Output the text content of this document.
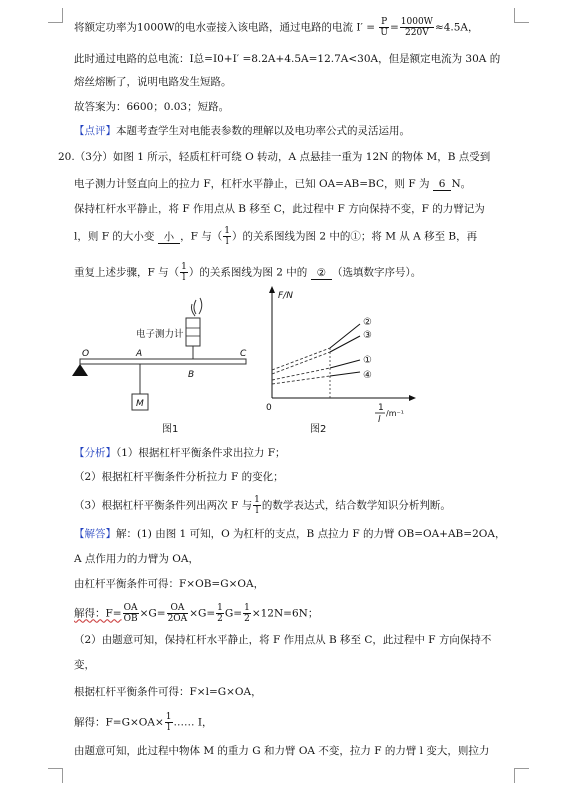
将额定功率为1000W的电水壶接入该电路，通过电路的电流 $I' = \frac{P}{U} = \frac{1000W}{220V} \approx 4.5A$，
此时通过电路的总电流：I总=I0+I′ =8.2A+4.5A=12.7A<30A，但是额定电流为 30A 的
熔丝熔断了，说明电路发生短路。
故答案为：6600；0.03；短路。
【点评】本题考查学生对电能表参数的理解以及电功率公式的灵活运用。
20.（3分）如图 1 所示，轻质杠杆可绕 O 转动，A 点悬挂一重为 12N 的物体 M，B 点受到
电子测力计竖直向上的拉力 F，杠杆水平静止，已知 OA=AB=BC，则 F 为 6 N。
保持杠杆水平静止，将 F 作用点从 B 移至 C，此过程中 F 方向保持不变，F 的力臂记为
l，则 F 的大小变 小 ，F 与（ $\frac{1}{l}$ ）的关系图线为图 2 中的①；将 M 从 A 移至 B，再
重复上述步骤，F 与（ $\frac{1}{l}$ ）的关系图线为图 2 中的 ② （选填数字序号）。
电子测力计
O	A
B
C
M
图1
F/N
0
②
③
①
④
1
l
/m⁻¹
图2
【分析】（1）根据杠杆平衡条件求出拉力 F；
（2）根据杠杆平衡条件分析拉力 F 的变化；
（3）根据杠杆平衡条件列出两次 F 与 $\frac{1}{l}$ 的数学表达式，结合数学知识分析判断。
【解答】解：(1) 由图 1 可知，O 为杠杆的支点，B 点拉力 F 的力臂 OB=OA+AB=2OA，
A 点作用力的力臂为 OA，
由杠杆平衡条件可得：F×OB=G×OA，
解得：$F= \frac{OA}{OB} \times G= \frac{OA}{2OA} \times G= \frac{1}{2} G= \frac{1}{2} \times 12N=6N$；
（2）由题意可知，保持杠杆水平静止，将 F 作用点从 B 移至 C，此过程中 F 方向保持不
变，
根据杠杆平衡条件可得：F×l=G×OA，
解得：$F=G\times OA\times \frac{1}{l}$ …… Ⅰ，
由题意可知，此过程中物体 M 的重力 G 和力臂 OA 不变，拉力 F 的力臂 l 变大，则拉力
